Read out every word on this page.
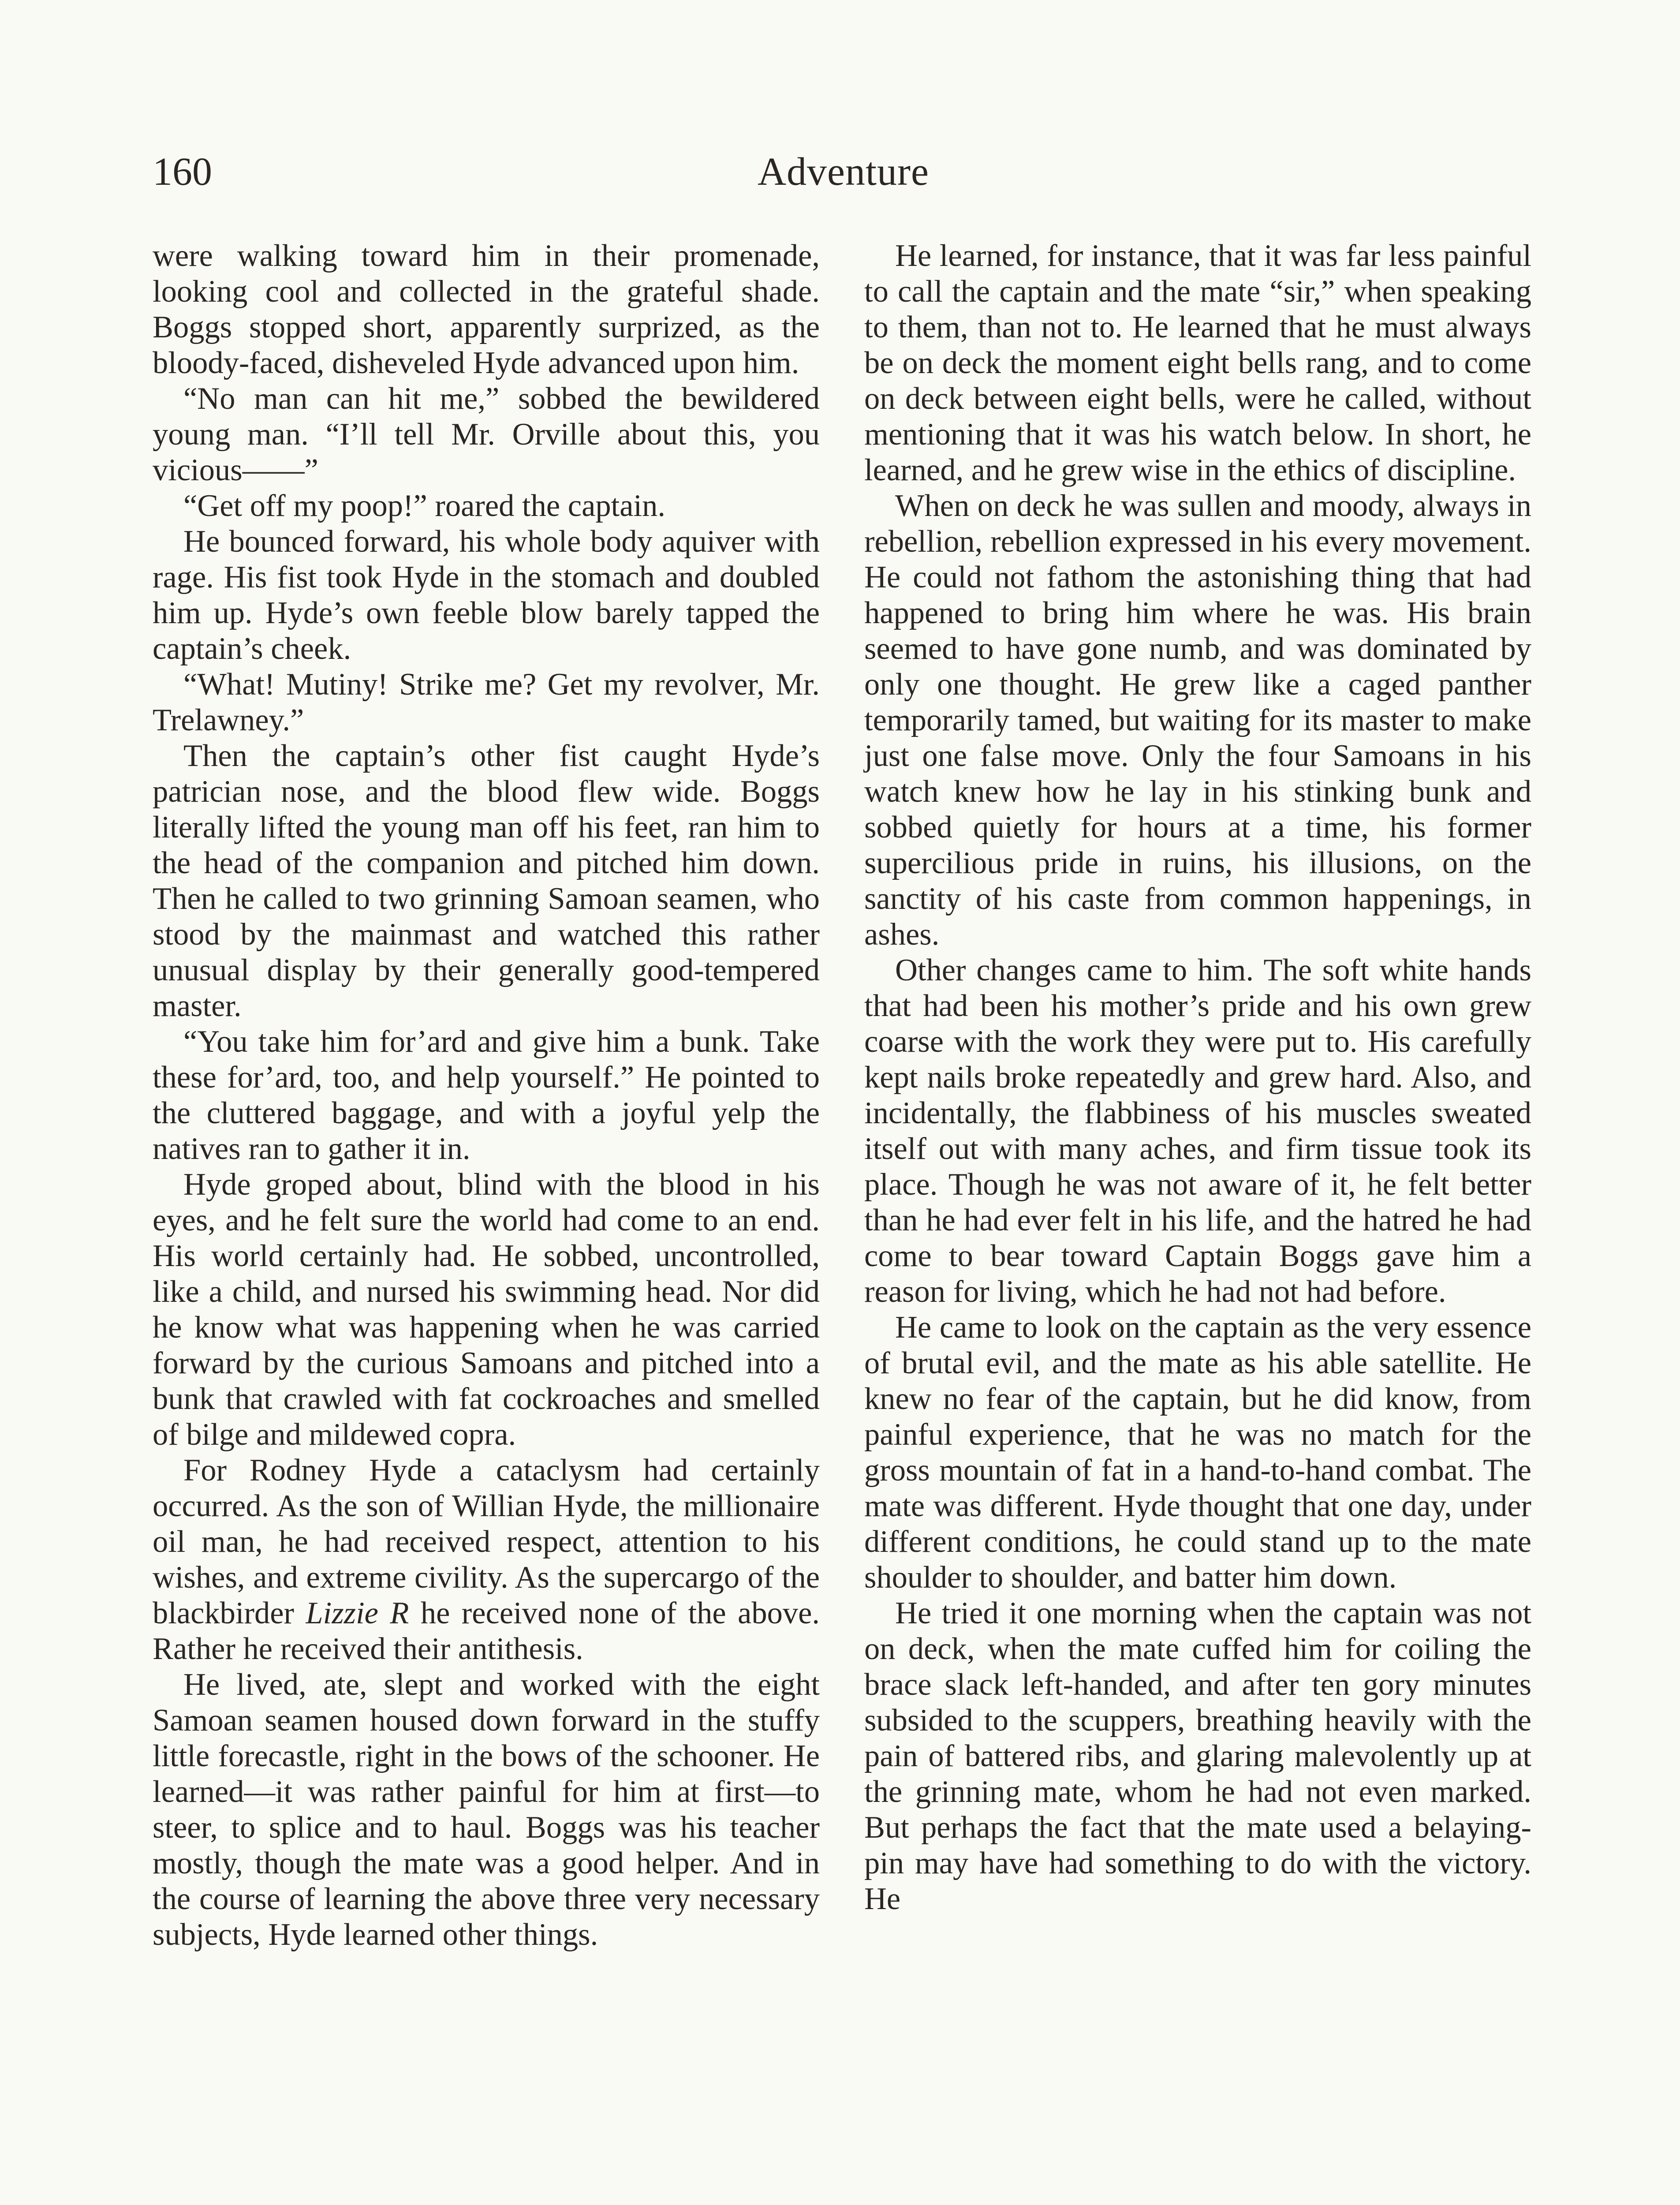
160	Adventure

were walking toward him in their promenade, looking cool and collected in the grateful shade. Boggs stopped short, apparently surprized, as the bloody-faced, disheveled Hyde advanced upon him.

“No man can hit me,” sobbed the bewildered young man. “I’ll tell Mr. Orville about this, you vicious——”

“Get off my poop!” roared the captain.

He bounced forward, his whole body aquiver with rage. His fist took Hyde in the stomach and doubled him up. Hyde’s own feeble blow barely tapped the captain’s cheek.

“What! Mutiny! Strike me? Get my revolver, Mr. Trelawney.”

Then the captain’s other fist caught Hyde’s patrician nose, and the blood flew wide. Boggs literally lifted the young man off his feet, ran him to the head of the companion and pitched him down. Then he called to two grinning Samoan seamen, who stood by the mainmast and watched this rather unusual display by their generally good-tempered master.

“You take him for’ard and give him a bunk. Take these for’ard, too, and help yourself.” He pointed to the cluttered baggage, and with a joyful yelp the natives ran to gather it in.

Hyde groped about, blind with the blood in his eyes, and he felt sure the world had come to an end. His world certainly had. He sobbed, uncontrolled, like a child, and nursed his swimming head. Nor did he know what was happening when he was carried forward by the curious Samoans and pitched into a bunk that crawled with fat cockroaches and smelled of bilge and mildewed copra.

For Rodney Hyde a cataclysm had certainly occurred. As the son of Willian Hyde, the millionaire oil man, he had received respect, attention to his wishes, and extreme civility. As the supercargo of the blackbirder Lizzie R he received none of the above. Rather he received their antithesis.

He lived, ate, slept and worked with the eight Samoan seamen housed down forward in the stuffy little forecastle, right in the bows of the schooner. He learned—it was rather painful for him at first—to steer, to splice and to haul. Boggs was his teacher mostly, though the mate was a good helper. And in the course of learning the above three very necessary subjects, Hyde learned other things.

He learned, for instance, that it was far less painful to call the captain and the mate “sir,” when speaking to them, than not to. He learned that he must always be on deck the moment eight bells rang, and to come on deck between eight bells, were he called, without mentioning that it was his watch below. In short, he learned, and he grew wise in the ethics of discipline.

When on deck he was sullen and moody, always in rebellion, rebellion expressed in his every movement. He could not fathom the astonishing thing that had happened to bring him where he was. His brain seemed to have gone numb, and was dominated by only one thought. He grew like a caged panther temporarily tamed, but waiting for its master to make just one false move. Only the four Samoans in his watch knew how he lay in his stinking bunk and sobbed quietly for hours at a time, his former supercilious pride in ruins, his illusions, on the sanctity of his caste from common happenings, in ashes.

Other changes came to him. The soft white hands that had been his mother’s pride and his own grew coarse with the work they were put to. His carefully kept nails broke repeatedly and grew hard. Also, and incidentally, the flabbiness of his muscles sweated itself out with many aches, and firm tissue took its place. Though he was not aware of it, he felt better than he had ever felt in his life, and the hatred he had come to bear toward Captain Boggs gave him a reason for living, which he had not had before.

He came to look on the captain as the very essence of brutal evil, and the mate as his able satellite. He knew no fear of the captain, but he did know, from painful experience, that he was no match for the gross mountain of fat in a hand-to-hand combat. The mate was different. Hyde thought that one day, under different conditions, he could stand up to the mate shoulder to shoulder, and batter him down.

He tried it one morning when the captain was not on deck, when the mate cuffed him for coiling the brace slack left-handed, and after ten gory minutes subsided to the scuppers, breathing heavily with the pain of battered ribs, and glaring malevolently up at the grinning mate, whom he had not even marked. But perhaps the fact that the mate used a belaying-pin may have had something to do with the victory. He
